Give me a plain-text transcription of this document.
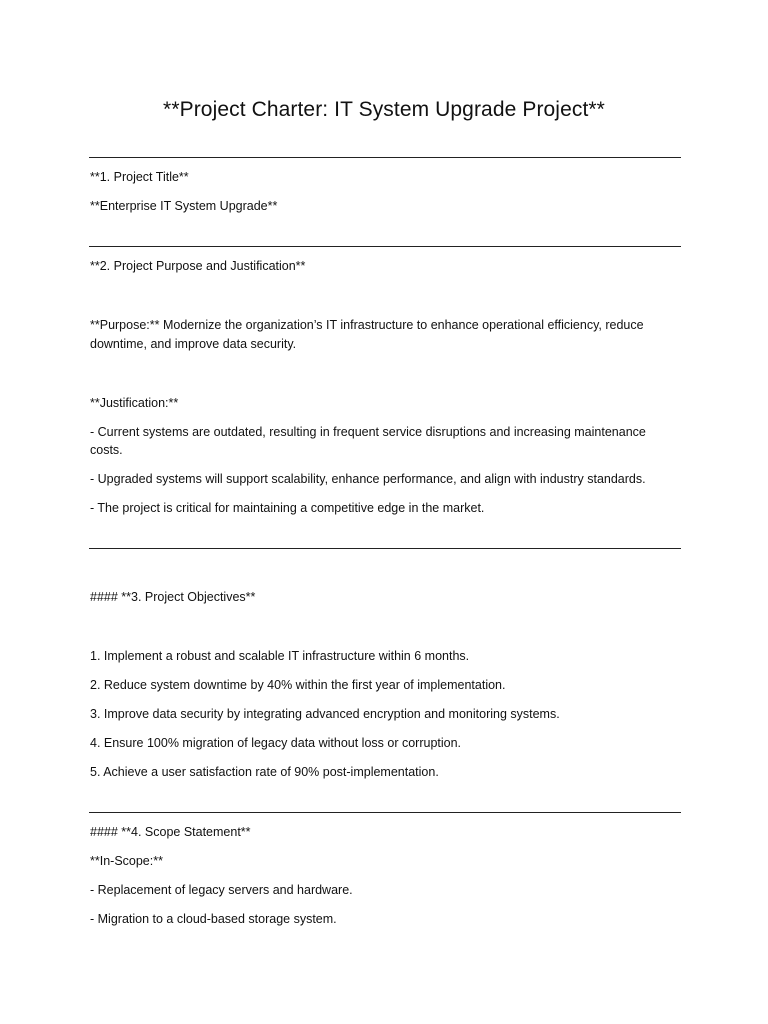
**Project Charter: IT System Upgrade Project**
**1. Project Title**
**Enterprise IT System Upgrade**
**2. Project Purpose and Justification**
**Purpose:** Modernize the organization’s IT infrastructure to enhance operational efficiency, reduce
downtime, and improve data security.
**Justification:**
- Current systems are outdated, resulting in frequent service disruptions and increasing maintenance
costs.
- Upgraded systems will support scalability, enhance performance, and align with industry standards.
- The project is critical for maintaining a competitive edge in the market.
#### **3. Project Objectives**
1. Implement a robust and scalable IT infrastructure within 6 months.
2. Reduce system downtime by 40% within the first year of implementation.
3. Improve data security by integrating advanced encryption and monitoring systems.
4. Ensure 100% migration of legacy data without loss or corruption.
5. Achieve a user satisfaction rate of 90% post-implementation.
#### **4. Scope Statement**
**In-Scope:**
- Replacement of legacy servers and hardware.
- Migration to a cloud-based storage system.
